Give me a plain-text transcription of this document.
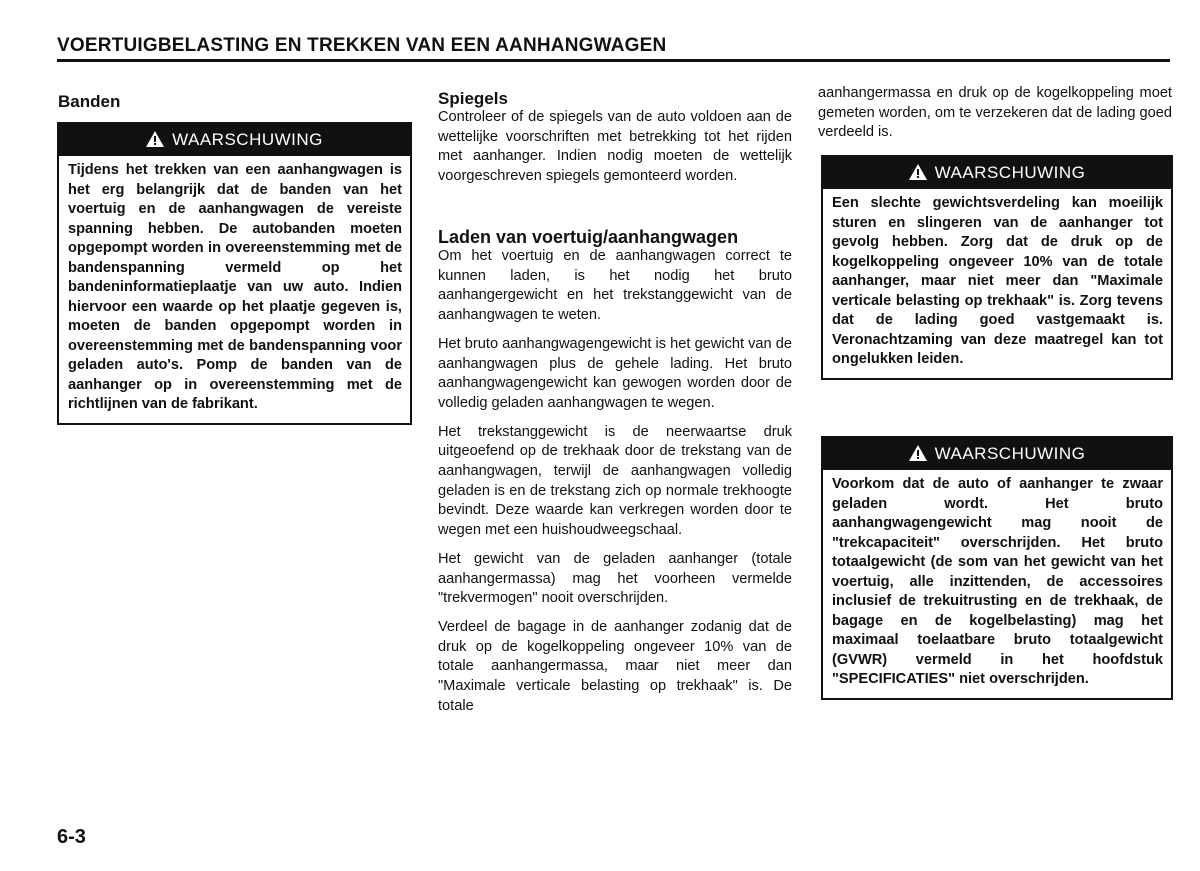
VOERTUIGBELASTING EN TREKKEN VAN EEN AANHANGWAGEN
Banden
WAARSCHUWING
Tijdens het trekken van een aanhangwagen is het erg belangrijk dat de banden van het voertuig en de aanhangwagen de vereiste spanning hebben. De autobanden moeten opgepompt worden in overeenstemming met de bandenspanning vermeld op het bandeninformatieplaatje van uw auto. Indien hiervoor een waarde op het plaatje gegeven is, moeten de banden opgepompt worden in overeenstemming met de bandenspanning voor geladen auto's. Pomp de banden van de aanhanger op in overeenstemming met de richtlijnen van de fabrikant.
Spiegels

Controleer of de spiegels van de auto voldoen aan de wettelijke voorschriften met betrekking tot het rijden met aanhanger. Indien nodig moeten de wettelijk voorgeschreven spiegels gemonteerd worden.

Laden van voertuig/aanhangwagen

Om het voertuig en de aanhangwagen correct te kunnen laden, is het nodig het bruto aanhangergewicht en het trekstanggewicht van de aanhangwagen te weten.

Het bruto aanhangwagengewicht is het gewicht van de aanhangwagen plus de gehele lading. Het bruto aanhangwagengewicht kan gewogen worden door de volledig geladen aanhangwagen te wegen.

Het trekstanggewicht is de neerwaartse druk uitgeoefend op de trekhaak door de trekstang van de aanhangwagen, terwijl de aanhangwagen volledig geladen is en de trekstang zich op normale trekhoogte bevindt. Deze waarde kan verkregen worden door te wegen met een huishoudweegschaal.

Het gewicht van de geladen aanhanger (totale aanhangermassa) mag het voorheen vermelde "trekvermogen" nooit overschrijden.

Verdeel de bagage in de aanhanger zodanig dat de druk op de kogelkoppeling ongeveer 10% van de totale aanhangermassa, maar niet meer dan "Maximale verticale belasting op trekhaak" is. De totale

aanhangermassa en druk op de kogelkoppeling moet gemeten worden, om te verzekeren dat de lading goed verdeeld is.

WAARSCHUWING
Een slechte gewichtsverdeling kan moeilijk sturen en slingeren van de aanhanger tot gevolg hebben. Zorg dat de druk op de kogelkoppeling ongeveer 10% van de totale aanhanger, maar niet meer dan "Maximale verticale belasting op trekhaak" is. Zorg tevens dat de lading goed vastgemaakt is. Veronachtzaming van deze maatregel kan tot ongelukken leiden.
WAARSCHUWING
Voorkom dat de auto of aanhanger te zwaar geladen wordt. Het bruto aanhangwagengewicht mag nooit de "trekcapaciteit" overschrijden. Het bruto totaalgewicht (de som van het gewicht van het voertuig, alle inzittenden, de accessoires inclusief de trekuitrusting en de trekhaak, de bagage en de kogelbelasting) mag het maximaal toelaatbare bruto totaalgewicht (GVWR) vermeld in het hoofdstuk "SPECIFICATIES" niet overschrijden.

6-3
